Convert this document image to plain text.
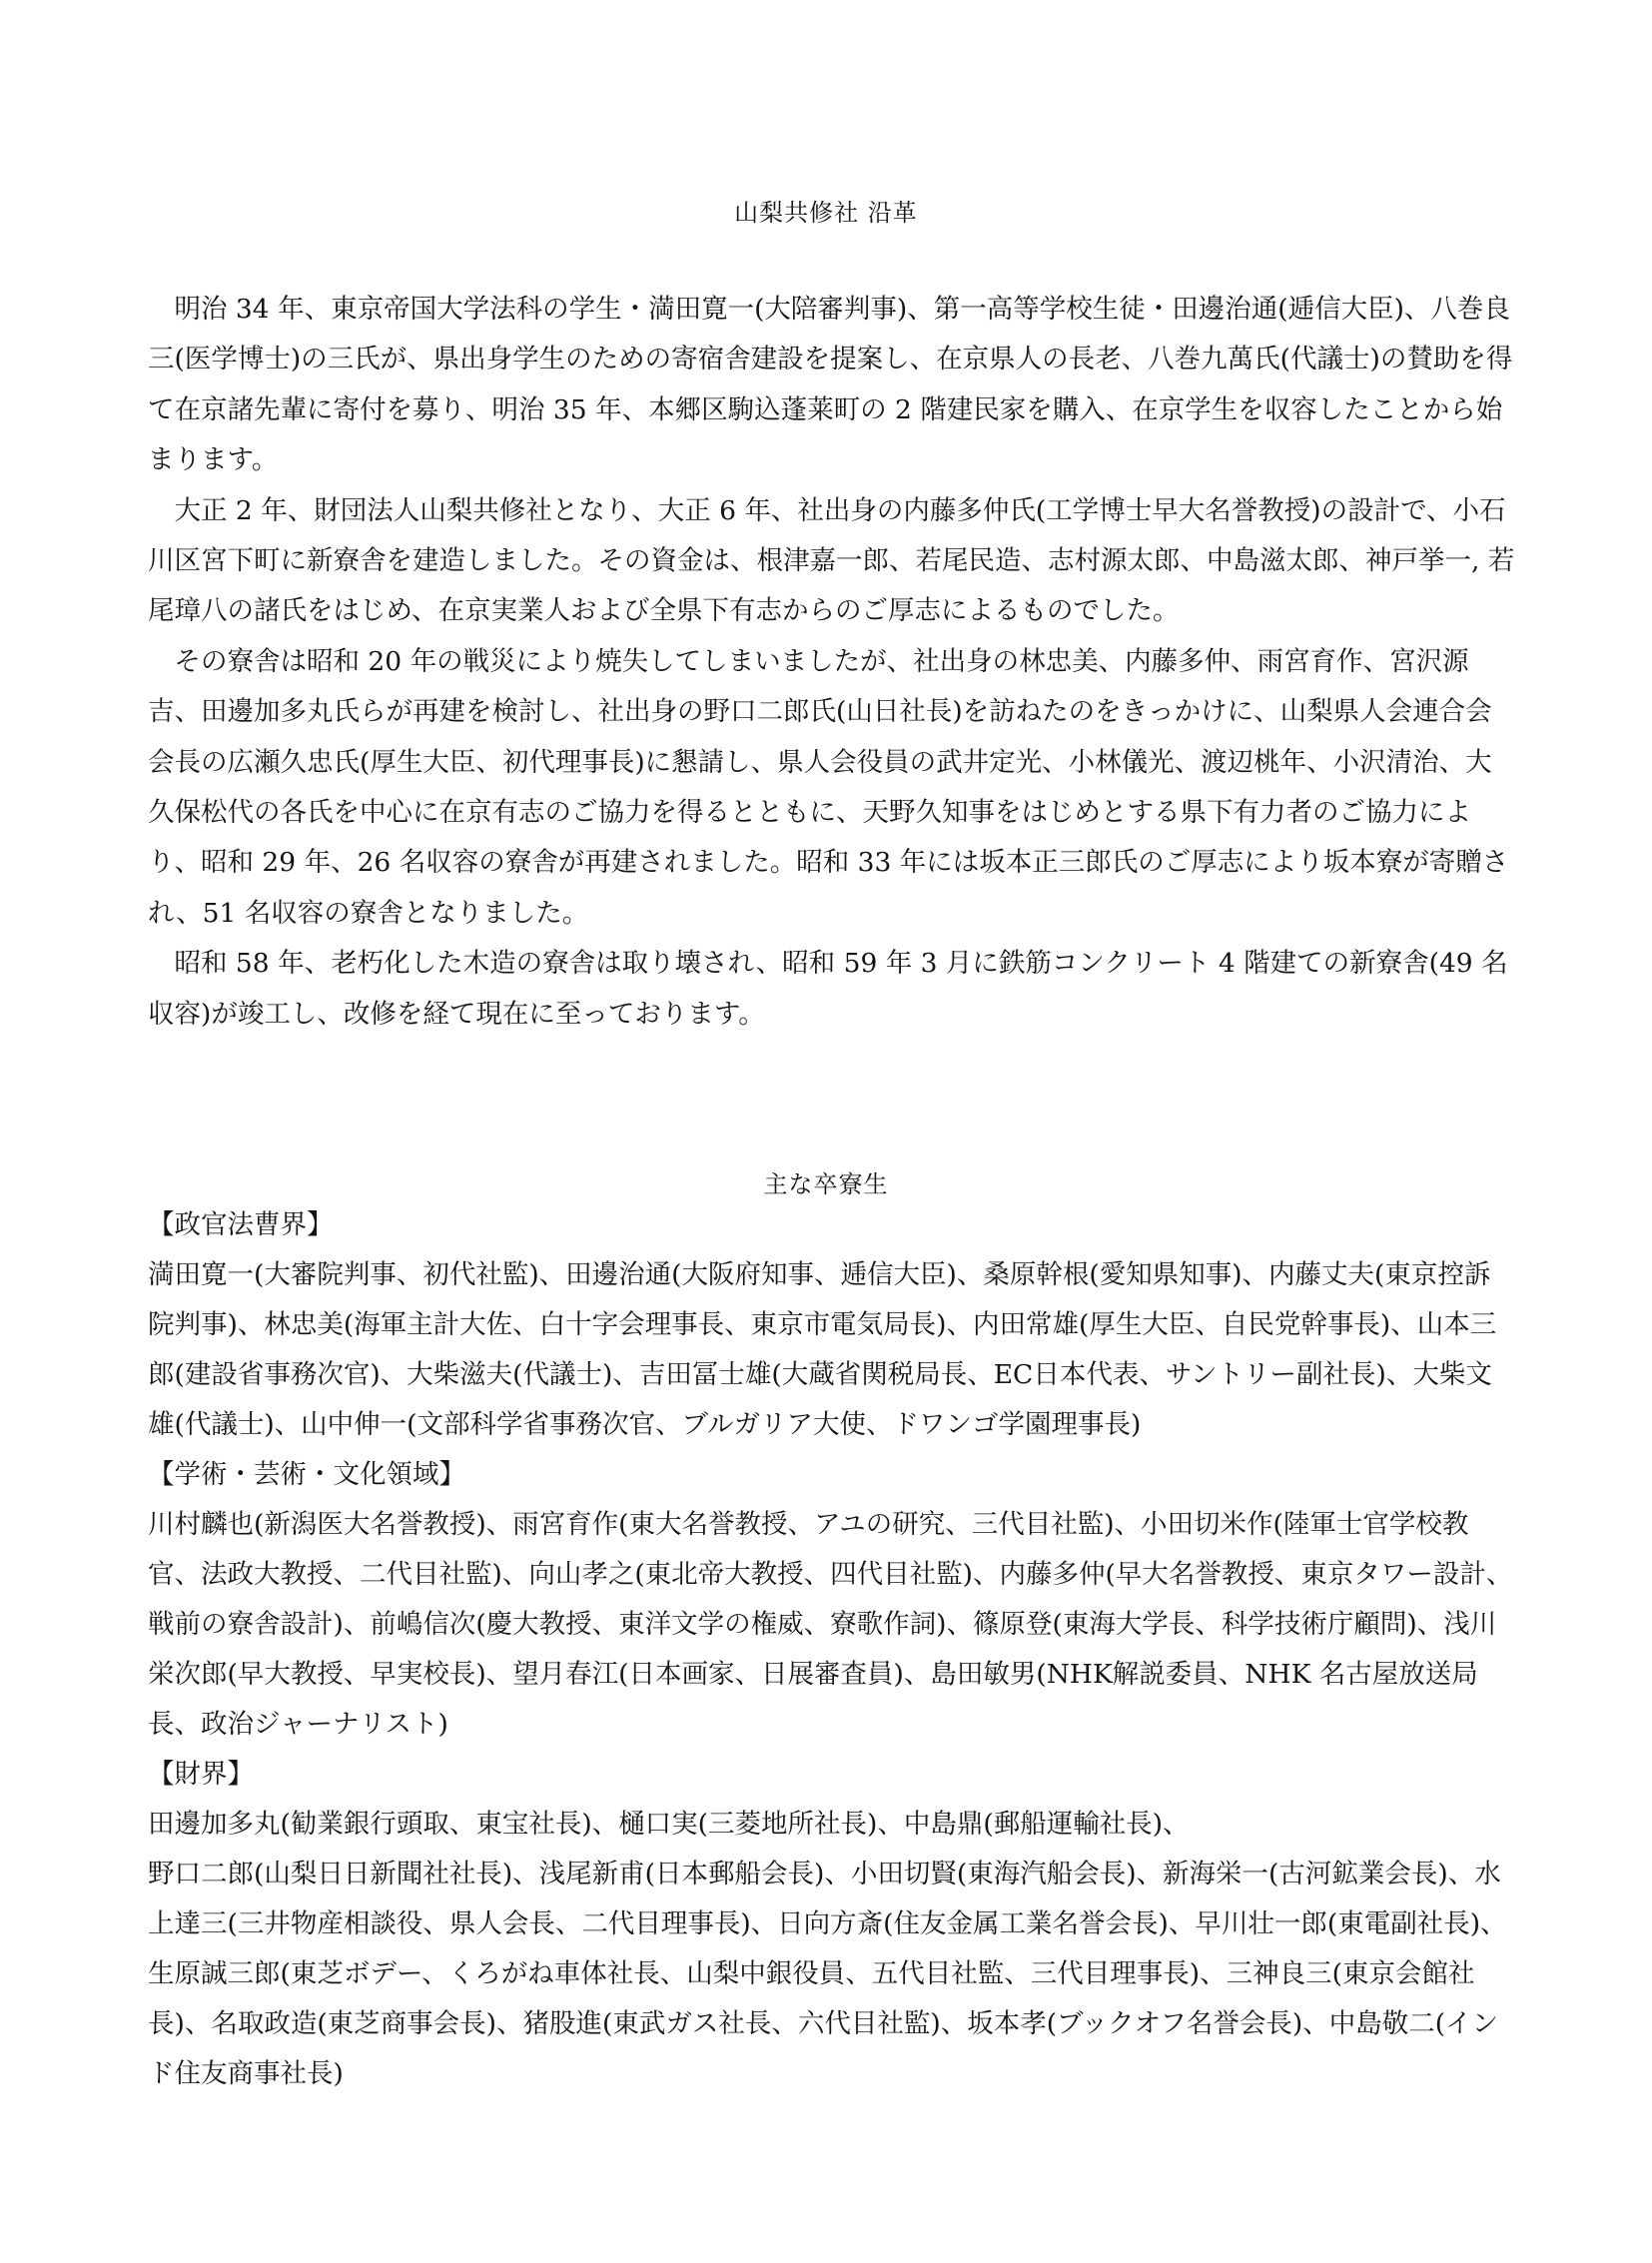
山梨共修社 沿革

明治 34 年、東京帝国大学法科の学生・満田寛一(大陪審判事)、第一高等学校生徒・田邊治通(逓信大臣)、八巻良三(医学博士)の三氏が、県出身学生のための寄宿舎建設を提案し、在京県人の長老、八巻九萬氏(代議士)の賛助を得て在京諸先輩に寄付を募り、明治 35 年、本郷区駒込蓬莱町の 2 階建民家を購入、在京学生を収容したことから始まります。

大正 2 年、財団法人山梨共修社となり、大正 6 年、社出身の内藤多仲氏(工学博士早大名誉教授)の設計で、小石川区宮下町に新寮舎を建造しました。その資金は、根津嘉一郎、若尾民造、志村源太郎、中島滋太郎、神戸挙一, 若尾璋八の諸氏をはじめ、在京実業人および全県下有志からのご厚志によるものでした。

その寮舎は昭和 20 年の戦災により焼失してしまいましたが、社出身の林忠美、内藤多仲、雨宮育作、宮沢源吉、田邊加多丸氏らが再建を検討し、社出身の野口二郎氏(山日社長)を訪ねたのをきっかけに、山梨県人会連合会会長の広瀬久忠氏(厚生大臣、初代理事長)に懇請し、県人会役員の武井定光、小林儀光、渡辺桃年、小沢清治、大久保松代の各氏を中心に在京有志のご協力を得るとともに、天野久知事をはじめとする県下有力者のご協力により、昭和 29 年、26 名収容の寮舎が再建されました。昭和 33 年には坂本正三郎氏のご厚志により坂本寮が寄贈され、51 名収容の寮舎となりました。

昭和 58 年、老朽化した木造の寮舎は取り壊され、昭和 59 年 3 月に鉄筋コンクリート 4 階建ての新寮舎(49 名収容)が竣工し、改修を経て現在に至っております。

主な卒寮生
【政官法曹界】
満田寛一(大審院判事、初代社監)、田邊治通(大阪府知事、逓信大臣)、桑原幹根(愛知県知事)、内藤丈夫(東京控訴院判事)、林忠美(海軍主計大佐、白十字会理事長、東京市電気局長)、内田常雄(厚生大臣、自民党幹事長)、山本三郎(建設省事務次官)、大柴滋夫(代議士)、吉田冨士雄(大蔵省関税局長、EC日本代表、サントリー副社長)、大柴文雄(代議士)、山中伸一(文部科学省事務次官、ブルガリア大使、ドワンゴ学園理事長)
【学術・芸術・文化領域】
川村麟也(新潟医大名誉教授)、雨宮育作(東大名誉教授、アユの研究、三代目社監)、小田切米作(陸軍士官学校教官、法政大教授、二代目社監)、向山孝之(東北帝大教授、四代目社監)、内藤多仲(早大名誉教授、東京タワー設計、戦前の寮舎設計)、前嶋信次(慶大教授、東洋文学の権威、寮歌作詞)、篠原登(東海大学長、科学技術庁顧問)、浅川栄次郎(早大教授、早実校長)、望月春江(日本画家、日展審査員)、島田敏男(NHK解説委員、NHK 名古屋放送局長、政治ジャーナリスト)
【財界】
田邊加多丸(勧業銀行頭取、東宝社長)、樋口実(三菱地所社長)、中島鼎(郵船運輸社長)、
野口二郎(山梨日日新聞社社長)、浅尾新甫(日本郵船会長)、小田切賢(東海汽船会長)、新海栄一(古河鉱業会長)、水上達三(三井物産相談役、県人会長、二代目理事長)、日向方斎(住友金属工業名誉会長)、早川壮一郎(東電副社長)、生原誠三郎(東芝ボデー、くろがね車体社長、山梨中銀役員、五代目社監、三代目理事長)、三神良三(東京会館社長)、名取政造(東芝商事会長)、猪股進(東武ガス社長、六代目社監)、坂本孝(ブックオフ名誉会長)、中島敬二(インド住友商事社長)
